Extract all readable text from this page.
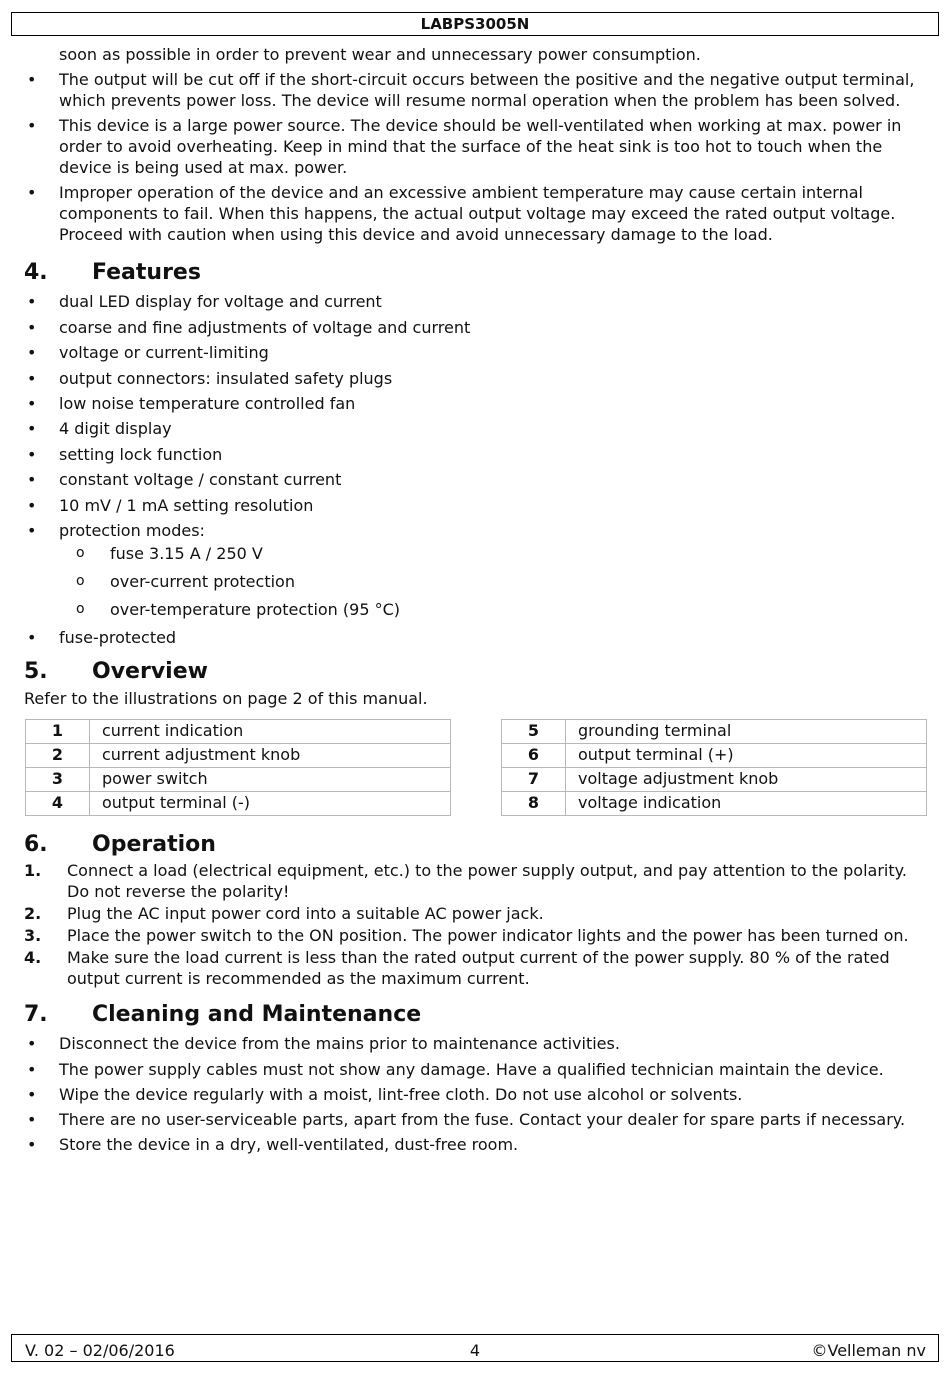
LABPS3005N

soon as possible in order to prevent wear and unnecessary power consumption.

• The output will be cut off if the short-circuit occurs between the positive and the negative output terminal, which prevents power loss. The device will resume normal operation when the problem has been solved.
• This device is a large power source. The device should be well-ventilated when working at max. power in order to avoid overheating. Keep in mind that the surface of the heat sink is too hot to touch when the device is being used at max. power.
• Improper operation of the device and an excessive ambient temperature may cause certain internal components to fail. When this happens, the actual output voltage may exceed the rated output voltage. Proceed with caution when using this device and avoid unnecessary damage to the load.
4. Features
• dual LED display for voltage and current
• coarse and fine adjustments of voltage and current
• voltage or current-limiting
• output connectors: insulated safety plugs
• low noise temperature controlled fan
• 4 digit display
• setting lock function
• constant voltage / constant current
• 10 mV / 1 mA setting resolution
• protection modes:
o fuse 3.15 A / 250 V
o over-current protection
o over-temperature protection (95 °C)
• fuse-protected
5. Overview

Refer to the illustrations on page 2 of this manual.

1	current indication
2	current adjustment knob
3	power switch
4	output terminal (-)
5	grounding terminal
6	output terminal (+)
7	voltage adjustment knob
8	voltage indication
6. Operation
1. Connect a load (electrical equipment, etc.) to the power supply output, and pay attention to the polarity. Do not reverse the polarity!
2. Plug the AC input power cord into a suitable AC power jack.
3. Place the power switch to the ON position. The power indicator lights and the power has been turned on.
4. Make sure the load current is less than the rated output current of the power supply. 80 % of the rated output current is recommended as the maximum current.
7. Cleaning and Maintenance
• Disconnect the device from the mains prior to maintenance activities.
• The power supply cables must not show any damage. Have a qualified technician maintain the device.
• Wipe the device regularly with a moist, lint-free cloth. Do not use alcohol or solvents.
• There are no user-serviceable parts, apart from the fuse. Contact your dealer for spare parts if necessary.
• Store the device in a dry, well-ventilated, dust-free room.
V. 02 – 02/06/2016	4	©Velleman nv
